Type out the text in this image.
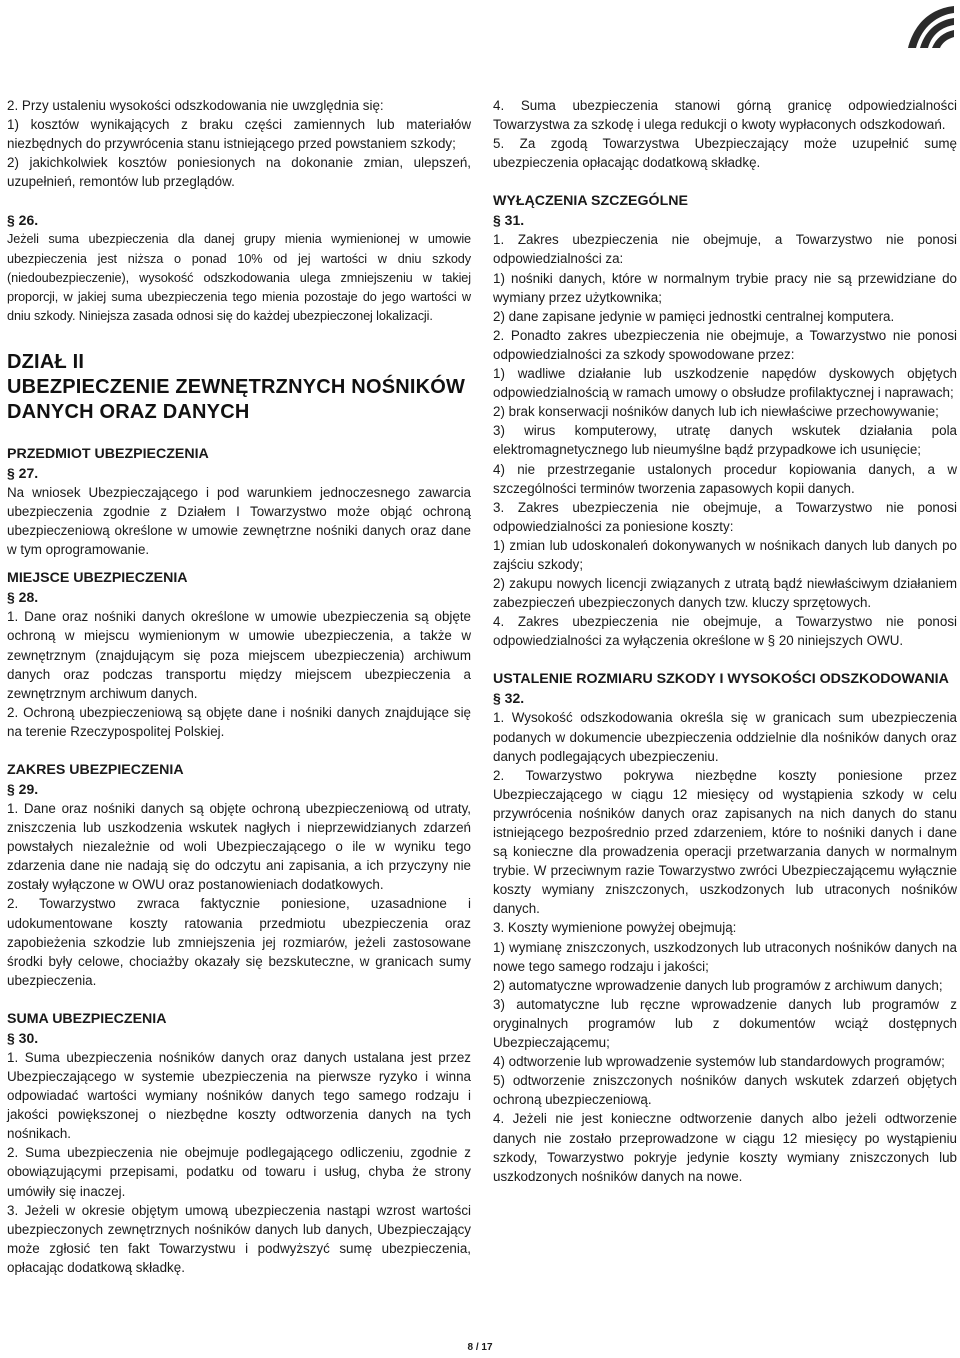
2. Przy ustaleniu wysokości odszkodowania nie uwzględnia się:

1) kosztów wynikających z braku części zamiennych lub materiałów niezbędnych do przywrócenia stanu istniejącego przed powstaniem szkody;

2) jakichkolwiek kosztów poniesionych na dokonanie zmian, ulepszeń, uzupełnień, remontów lub przeglądów.

§ 26.

Jeżeli suma ubezpieczenia dla danej grupy mienia wymienionej w umowie ubezpieczenia jest niższa o ponad 10% od jej wartości w dniu szkody (niedoubezpieczenie), wysokość odszkodowania ulega zmniejszeniu w takiej proporcji, w jakiej suma ubezpieczenia tego mienia pozostaje do jego wartości w dniu szkody. Niniejsza zasada odnosi się do każdej ubezpieczonej lokalizacji.

DZIAŁ II
UBEZPIECZENIE ZEWNĘTRZNYCH NOŚNIKÓW
DANYCH ORAZ DANYCH

PRZEDMIOT UBEZPIECZENIA

§ 27.

Na wniosek Ubezpieczającego i pod warunkiem jednoczesnego zawarcia ubezpieczenia zgodnie z Działem I Towarzystwo może objąć ochroną ubezpieczeniową określone w umowie zewnętrzne nośniki danych oraz dane w tym oprogramowanie.

MIEJSCE UBEZPIECZENIA

§ 28.

1. Dane oraz nośniki danych określone w umowie ubezpieczenia są objęte ochroną w miejscu wymienionym w umowie ubezpieczenia, a także w zewnętrznym (znajdującym się poza miejscem ubezpieczenia) archiwum danych oraz podczas transportu między miejscem ubezpieczenia a zewnętrznym archiwum danych.

2. Ochroną ubezpieczeniową są objęte dane i nośniki danych znajdujące się na terenie Rzeczypospolitej Polskiej.

ZAKRES UBEZPIECZENIA

§ 29.

1. Dane oraz nośniki danych są objęte ochroną ubezpieczeniową od utraty, zniszczenia lub uszkodzenia wskutek nagłych i nieprzewidzianych zdarzeń powstałych niezależnie od woli Ubezpieczającego o ile w wyniku tego zdarzenia dane nie nadają się do odczytu ani zapisania, a ich przyczyny nie zostały wyłączone w OWU oraz postanowieniach dodatkowych.

2. Towarzystwo zwraca faktycznie poniesione, uzasadnione i udokumentowane koszty ratowania przedmiotu ubezpieczenia oraz zapobieżenia szkodzie lub zmniejszenia jej rozmiarów, jeżeli zastosowane środki były celowe, chociażby okazały się bezskuteczne, w granicach sumy ubezpieczenia.

SUMA UBEZPIECZENIA

§ 30.

1. Suma ubezpieczenia nośników danych oraz danych ustalana jest przez Ubezpieczającego w systemie ubezpieczenia na pierwsze ryzyko i winna odpowiadać wartości wymiany nośników danych tego samego rodzaju i jakości powiększonej o niezbędne koszty odtworzenia danych na tych nośnikach.

2. Suma ubezpieczenia nie obejmuje podlegającego odliczeniu, zgodnie z obowiązującymi przepisami, podatku od towaru i usług, chyba że strony umówiły się inaczej.

3. Jeżeli w okresie objętym umową ubezpieczenia nastąpi wzrost wartości ubezpieczonych zewnętrznych nośników danych lub danych, Ubezpieczający może zgłosić ten fakt Towarzystwu i podwyższyć sumę ubezpieczenia, opłacając dodatkową składkę.

4. Suma ubezpieczenia stanowi górną granicę odpowiedzialności Towarzystwa za szkodę i ulega redukcji o kwoty wypłaconych odszkodowań.

5. Za zgodą Towarzystwa Ubezpieczający może uzupełnić sumę ubezpieczenia opłacając dodatkową składkę.

WYŁĄCZENIA SZCZEGÓLNE

§ 31.

1. Zakres ubezpieczenia nie obejmuje, a Towarzystwo nie ponosi odpowiedzialności za:

1) nośniki danych, które w normalnym trybie pracy nie są przewidziane do wymiany przez użytkownika;

2) dane zapisane jedynie w pamięci jednostki centralnej komputera.

2. Ponadto zakres ubezpieczenia nie obejmuje, a Towarzystwo nie ponosi odpowiedzialności za szkody spowodowane przez:

1) wadliwe działanie lub uszkodzenie napędów dyskowych objętych odpowiedzialnością w ramach umowy o obsłudze profilaktycznej i naprawach;

2) brak konserwacji nośników danych lub ich niewłaściwe przechowywanie;

3) wirus komputerowy, utratę danych wskutek działania pola elektromagnetycznego lub nieumyślne bądź przypadkowe ich usunięcie;

4) nie przestrzeganie ustalonych procedur kopiowania danych, a w szczególności terminów tworzenia zapasowych kopii danych.

3. Zakres ubezpieczenia nie obejmuje, a Towarzystwo nie ponosi odpowiedzialności za poniesione koszty:

1) zmian lub udoskonaleń dokonywanych w nośnikach danych lub danych po zajściu szkody;

2) zakupu nowych licencji związanych z utratą bądź niewłaściwym działaniem zabezpieczeń ubezpieczonych danych tzw. kluczy sprzętowych.

4. Zakres ubezpieczenia nie obejmuje, a Towarzystwo nie ponosi odpowiedzialności za wyłączenia określone w § 20 niniejszych OWU.

USTALENIE ROZMIARU SZKODY I WYSOKOŚCI ODSZKODOWANIA

§ 32.

1. Wysokość odszkodowania określa się w granicach sum ubezpieczenia podanych w dokumencie ubezpieczenia oddzielnie dla nośników danych oraz danych podlegających ubezpieczeniu.

2. Towarzystwo pokrywa niezbędne koszty poniesione przez Ubezpieczającego w ciągu 12 miesięcy od wystąpienia szkody w celu przywrócenia nośników danych oraz zapisanych na nich danych do stanu istniejącego bezpośrednio przed zdarzeniem, które to nośniki danych i dane są konieczne dla prowadzenia operacji przetwarzania danych w normalnym trybie. W przeciwnym razie Towarzystwo zwróci Ubezpieczającemu wyłącznie koszty wymiany zniszczonych, uszkodzonych lub utraconych nośników danych.

3. Koszty wymienione powyżej obejmują:

1) wymianę zniszczonych, uszkodzonych lub utraconych nośników danych na nowe tego samego rodzaju i jakości;

2) automatyczne wprowadzenie danych lub programów z archiwum danych;

3) automatyczne lub ręczne wprowadzenie danych lub programów z oryginalnych programów lub z dokumentów wciąż dostępnych Ubezpieczającemu;

4) odtworzenie lub wprowadzenie systemów lub standardowych programów;

5) odtworzenie zniszczonych nośników danych wskutek zdarzeń objętych ochroną ubezpieczeniową.

4. Jeżeli nie jest konieczne odtworzenie danych albo jeżeli odtworzenie danych nie zostało przeprowadzone w ciągu 12 miesięcy po wystąpieniu szkody, Towarzystwo pokryje jedynie koszty wymiany zniszczonych lub uszkodzonych nośników danych na nowe.

8 / 17
